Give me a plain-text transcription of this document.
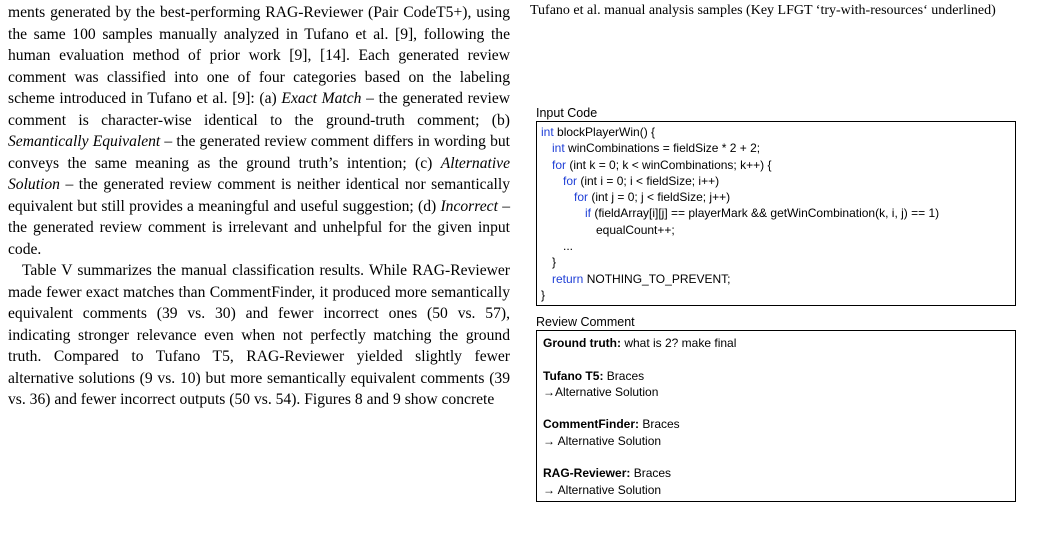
ments generated by the best-performing RAG-Reviewer (Pair CodeT5+), using the same 100 samples manually analyzed in Tufano et al. [9], following the human evaluation method of prior work [9], [14]. Each generated review comment was classified into one of four categories based on the labeling scheme introduced in Tufano et al. [9]: (a) Exact Match – the generated review comment is character-wise identical to the ground-truth comment; (b) Semantically Equivalent – the generated review comment differs in wording but conveys the same meaning as the ground truth’s intention; (c) Alternative Solution – the generated review comment is neither identical nor semantically equivalent but still provides a meaningful and useful suggestion; (d) Incorrect – the generated review comment is irrelevant and unhelpful for the given input code.

Table V summarizes the manual classification results. While RAG-Reviewer made fewer exact matches than CommentFinder, it produced more semantically equivalent comments (39 vs. 30) and fewer incorrect ones (50 vs. 57), indicating stronger relevance even when not perfectly matching the ground truth. Compared to Tufano T5, RAG-Reviewer yielded slightly fewer alternative solutions (9 vs. 10) but more semantically equivalent comments (39 vs. 36) and fewer incorrect outputs (50 vs. 54). Figures 8 and 9 show concrete

Tufano et al. manual analysis samples (Key LFGT ‘try-with-resources‘ underlined)
Input Code
int blockPlayerWin() {
int winCombinations = fieldSize * 2 + 2;
for (int k = 0; k < winCombinations; k++) {
for (int i = 0; i < fieldSize; i++)
for (int j = 0; j < fieldSize; j++)
if (fieldArray[i][j] == playerMark && getWinCombination(k, i, j) == 1)
equalCount++;
...
}
return NOTHING_TO_PREVENT;
}
Review Comment
Ground truth: what is 2? make final
Tufano T5: Braces
→Alternative Solution
CommentFinder: Braces
→ Alternative Solution
RAG-Reviewer: Braces
→ Alternative Solution
